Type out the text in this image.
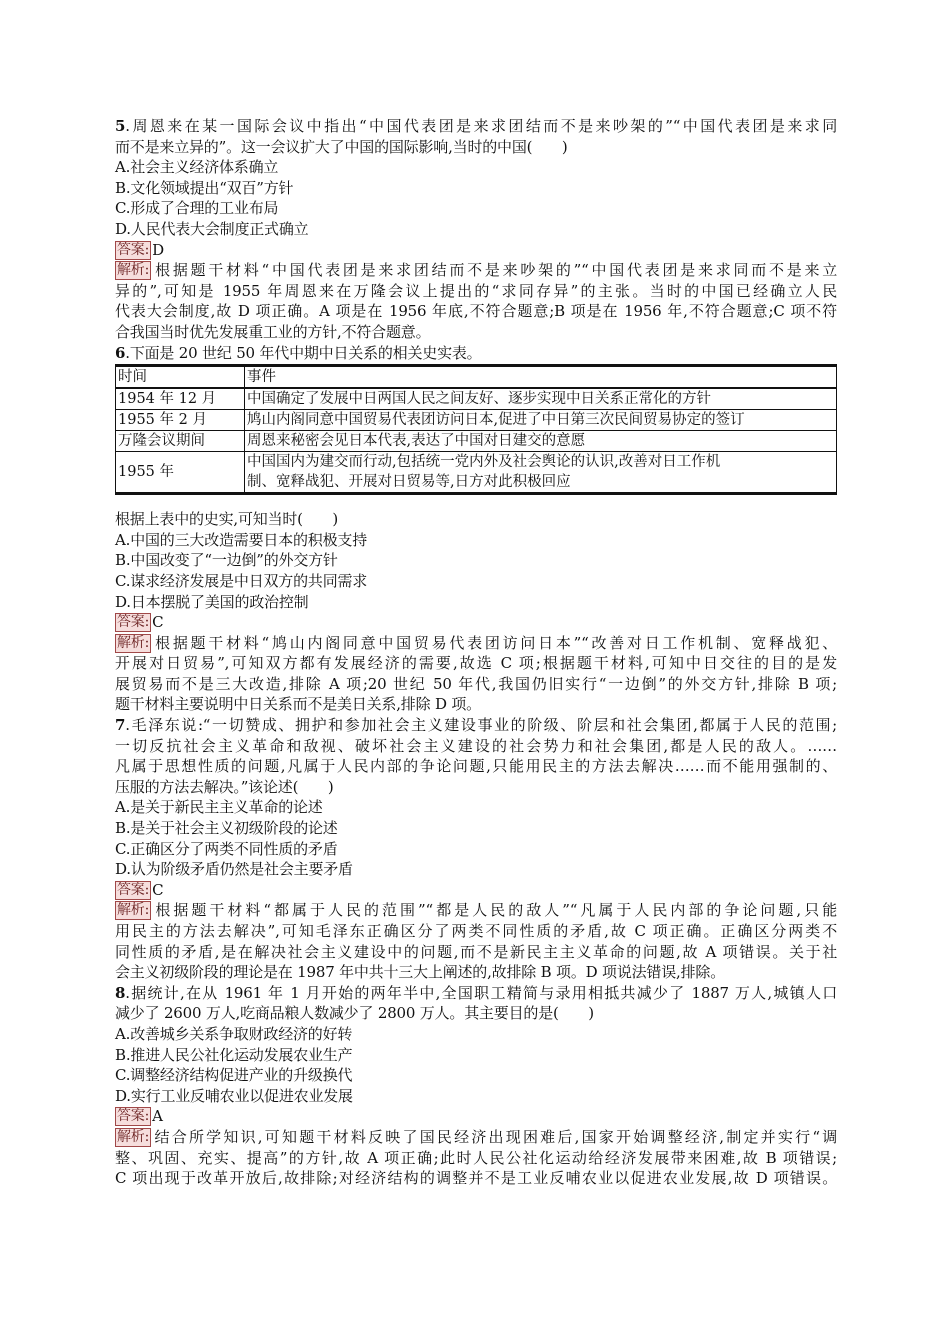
5.周恩来在某一国际会议中指出“中国代表团是来求团结而不是来吵架的”“中国代表团是来求同
而不是来立异的”。这一会议扩大了中国的国际影响,当时的中国(　　)
A.社会主义经济体系确立
B.文化领域提出“双百”方针
C.形成了合理的工业布局
D.人民代表大会制度正式确立
答案: D
解析: 根据题干材料“中国代表团是来求团结而不是来吵架的”“中国代表团是来求同而不是来立
异的”,可知是 1955 年周恩来在万隆会议上提出的“求同存异”的主张。当时的中国已经确立人民
代表大会制度,故 D 项正确。A 项是在 1956 年底,不符合题意;B 项是在 1956 年,不符合题意;C 项不符
合我国当时优先发展重工业的方针,不符合题意。
6.下面是 20 世纪 50 年代中期中日关系的相关史实表。
时间	事件
1954 年 12 月	中国确定了发展中日两国人民之间友好、逐步实现中日关系正常化的方针
1955 年 2 月	鸠山内阁同意中国贸易代表团访问日本,促进了中日第三次民间贸易协定的签订
万隆会议期间	周恩来秘密会见日本代表,表达了中国对日建交的意愿
1955 年	中国国内为建交而行动,包括统一党内外及社会舆论的认识,改善对日工作机
制、宽释战犯、开展对日贸易等,日方对此积极回应
根据上表中的史实,可知当时(　　)
A.中国的三大改造需要日本的积极支持
B.中国改变了“一边倒”的外交方针
C.谋求经济发展是中日双方的共同需求
D.日本摆脱了美国的政治控制
答案: C
解析: 根据题干材料“鸠山内阁同意中国贸易代表团访问日本”“改善对日工作机制、宽释战犯、
开展对日贸易”,可知双方都有发展经济的需要,故选 C 项;根据题干材料,可知中日交往的目的是发
展贸易而不是三大改造,排除 A 项;20 世纪 50 年代,我国仍旧实行“一边倒”的外交方针,排除 B 项;
题干材料主要说明中日关系而不是美日关系,排除 D 项。
7.毛泽东说:“一切赞成、拥护和参加社会主义建设事业的阶级、阶层和社会集团,都属于人民的范围;
一切反抗社会主义革命和敌视、破坏社会主义建设的社会势力和社会集团,都是人民的敌人。……
凡属于思想性质的问题,凡属于人民内部的争论问题,只能用民主的方法去解决……而不能用强制的、
压服的方法去解决。”该论述(　　)
A.是关于新民主主义革命的论述
B.是关于社会主义初级阶段的论述
C.正确区分了两类不同性质的矛盾
D.认为阶级矛盾仍然是社会主要矛盾
答案: C
解析: 根据题干材料“都属于人民的范围”“都是人民的敌人”“凡属于人民内部的争论问题,只能
用民主的方法去解决”,可知毛泽东正确区分了两类不同性质的矛盾,故 C 项正确。正确区分两类不
同性质的矛盾,是在解决社会主义建设中的问题,而不是新民主主义革命的问题,故 A 项错误。关于社
会主义初级阶段的理论是在 1987 年中共十三大上阐述的,故排除 B 项。D 项说法错误,排除。
8.据统计,在从 1961 年 1 月开始的两年半中,全国职工精简与录用相抵共减少了 1887 万人,城镇人口
减少了 2600 万人,吃商品粮人数减少了 2800 万人。其主要目的是(　　)
A.改善城乡关系争取财政经济的好转
B.推进人民公社化运动发展农业生产
C.调整经济结构促进产业的升级换代
D.实行工业反哺农业以促进农业发展
答案: A
解析: 结合所学知识,可知题干材料反映了国民经济出现困难后,国家开始调整经济,制定并实行“调
整、巩固、充实、提高”的方针,故 A 项正确;此时人民公社化运动给经济发展带来困难,故 B 项错误;
C 项出现于改革开放后,故排除;对经济结构的调整并不是工业反哺农业以促进农业发展,故 D 项错误。
